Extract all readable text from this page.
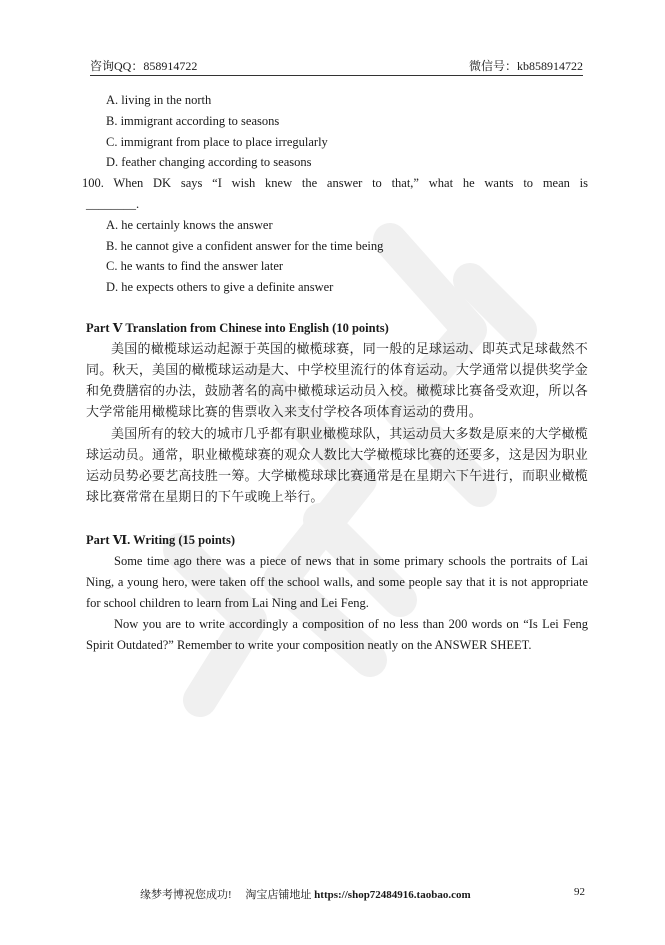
咨询QQ：858914722	微信号：kb858914722
A. living in the north
B. immigrant according to seasons
C. immigrant from place to place irregularly
D. feather changing according to seasons
100. When DK says “I wish knew the answer to that,” what he wants to mean is
________.
A. he certainly knows the answer
B. he cannot give a confident answer for the time being
C. he wants to find the answer later
D. he expects others to give a definite answer
Part Ⅴ Translation from Chinese into English (10 points)
美国的橄榄球运动起源于英国的橄榄球赛，同一般的足球运动、即英式足球截然不同。秋天，美国的橄榄球运动是大、中学校里流行的体育运动。大学通常以提供奖学金和免费膳宿的办法，鼓励著名的高中橄榄球运动员入校。橄榄球比赛备受欢迎，所以各大学常能用橄榄球比赛的售票收入来支付学校各项体育运动的费用。
美国所有的较大的城市几乎都有职业橄榄球队，其运动员大多数是原来的大学橄榄球运动员。通常，职业橄榄球赛的观众人数比大学橄榄球比赛的还要多，这是因为职业运动员势必要艺高技胜一筹。大学橄榄球球比赛通常是在星期六下午进行，而职业橄榄球比赛常常在星期日的下午或晚上举行。
Part Ⅵ. Writing (15 points)
Some time ago there was a piece of news that in some primary schools the portraits of Lai Ning, a young hero, were taken off the school walls, and some people say that it is not appropriate for school children to learn from Lai Ning and Lei Feng.
Now you are to write accordingly a composition of no less than 200 words on “Is Lei Feng Spirit Outdated?” Remember to write your composition neatly on the ANSWER SHEET.
缘梦考博祝您成功! 淘宝店铺地址 https://shop72484916.taobao.com	92
